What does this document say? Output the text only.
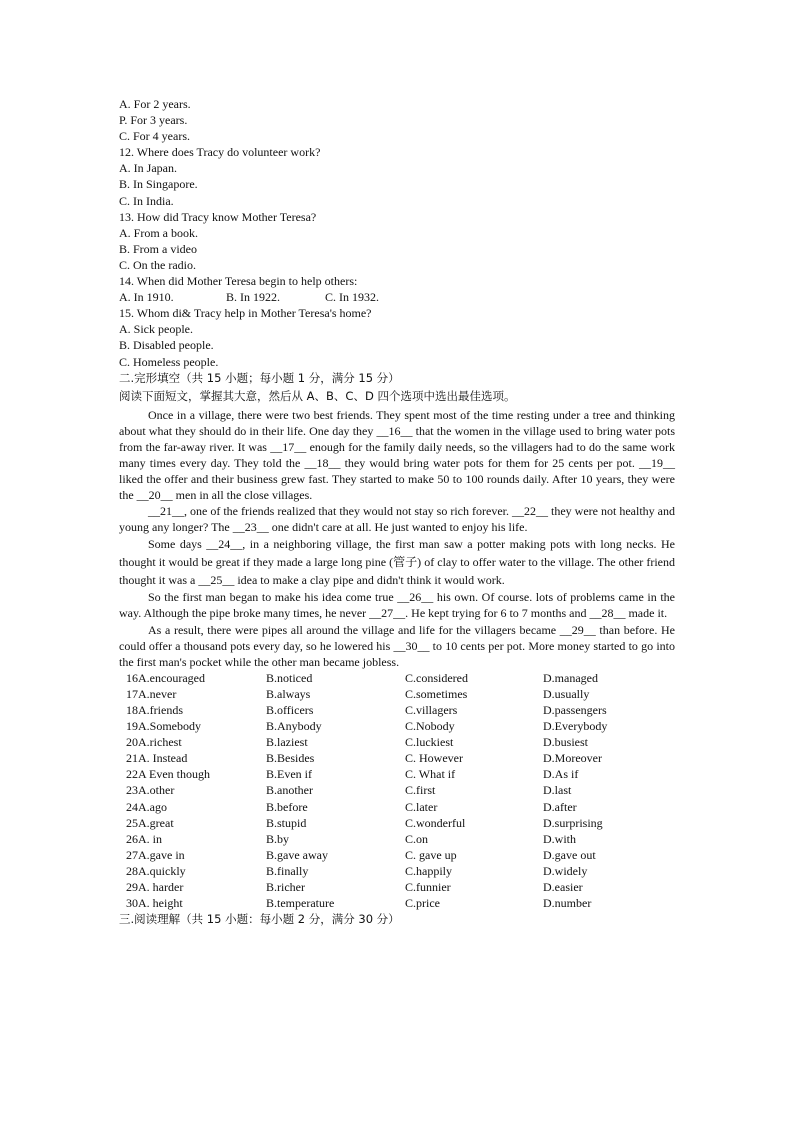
A. For 2 years.
P. For 3 years.
C. For 4 years.
12. Where does Tracy do volunteer work?
A. In Japan.
B. In Singapore.
C. In India.
13. How did Tracy know Mother Teresa?
A. From a book.
B. From a video
C. On the radio.
14. When did Mother Teresa begin to help others:
A. In 1910.	B. In 1922.	C. In 1932.
15. Whom di& Tracy help in Mother Teresa's home?
A. Sick people.
B. Disabled people.
C. Homeless people.
二.完形填空（共 15 小题；每小题 1 分，满分 15 分）
阅读下面短文，掌握其大意，然后从 A、B、C、D 四个选项中选出最佳选项。

Once in a village, there were two best friends. They spent most of the time resting under a tree and thinking about what they should do in their life. One day they __16__ that the women in the village used to bring water pots from the far-away river. It was __17__ enough for the family daily needs, so the villagers had to do the same work many times every day. They told the __18__ they would bring water pots for them for 25 cents per pot. __19__ liked the offer and their business grew fast. They started to make 50 to 100 rounds daily. After 10 years, they were the __20__ men in all the close villages.

__21__, one of the friends realized that they would not stay so rich forever. __22__ they were not healthy and young any longer? The __23__ one didn't care at all. He just wanted to enjoy his life.

Some days __24__, in a neighboring village, the first man saw a potter making pots with long necks. He thought it would be great if they made a large long pine (管子) of clay to offer water to the village. The other friend thought it was a __25__ idea to make a clay pipe and didn't think it would work.

So the first man began to make his idea come true __26__ his own. Of course. lots of problems came in the way. Although the pipe broke many times, he never __27__. He kept trying for 6 to 7 months and __28__ made it.

As a result, there were pipes all around the village and life for the villagers became __29__ than before. He could offer a thousand pots every day, so he lowered his __30__ to 10 cents per pot. More money started to go into the first man's pocket while the other man became jobless.

16A.encouraged	B.noticed	C.considered	D.managed
17A.never	B.always	C.sometimes	D.usually
18A.friends	B.officers	C.villagers	D.passengers
19A.Somebody	B.Anybody	C.Nobody	D.Everybody
20A.richest	B.laziest	C.luckiest	D.busiest
21A. Instead	B.Besides	C. However	D.Moreover
22A Even though	B.Even if	C. What if	D.As if
23A.other	B.another	C.first	D.last
24A.ago	B.before	C.later	D.after
25A.great	B.stupid	C.wonderful	D.surprising
26A. in	B.by	C.on	D.with
27A.gave in	B.gave away	C. gave up	D.gave out
28A.quickly	B.finally	C.happily	D.widely
29A. harder	B.richer	C.funnier	D.easier
30A. height	B.temperature	C.price	D.number
三.阅读理解（共 15 小题：每小题 2 分，满分 30 分）
